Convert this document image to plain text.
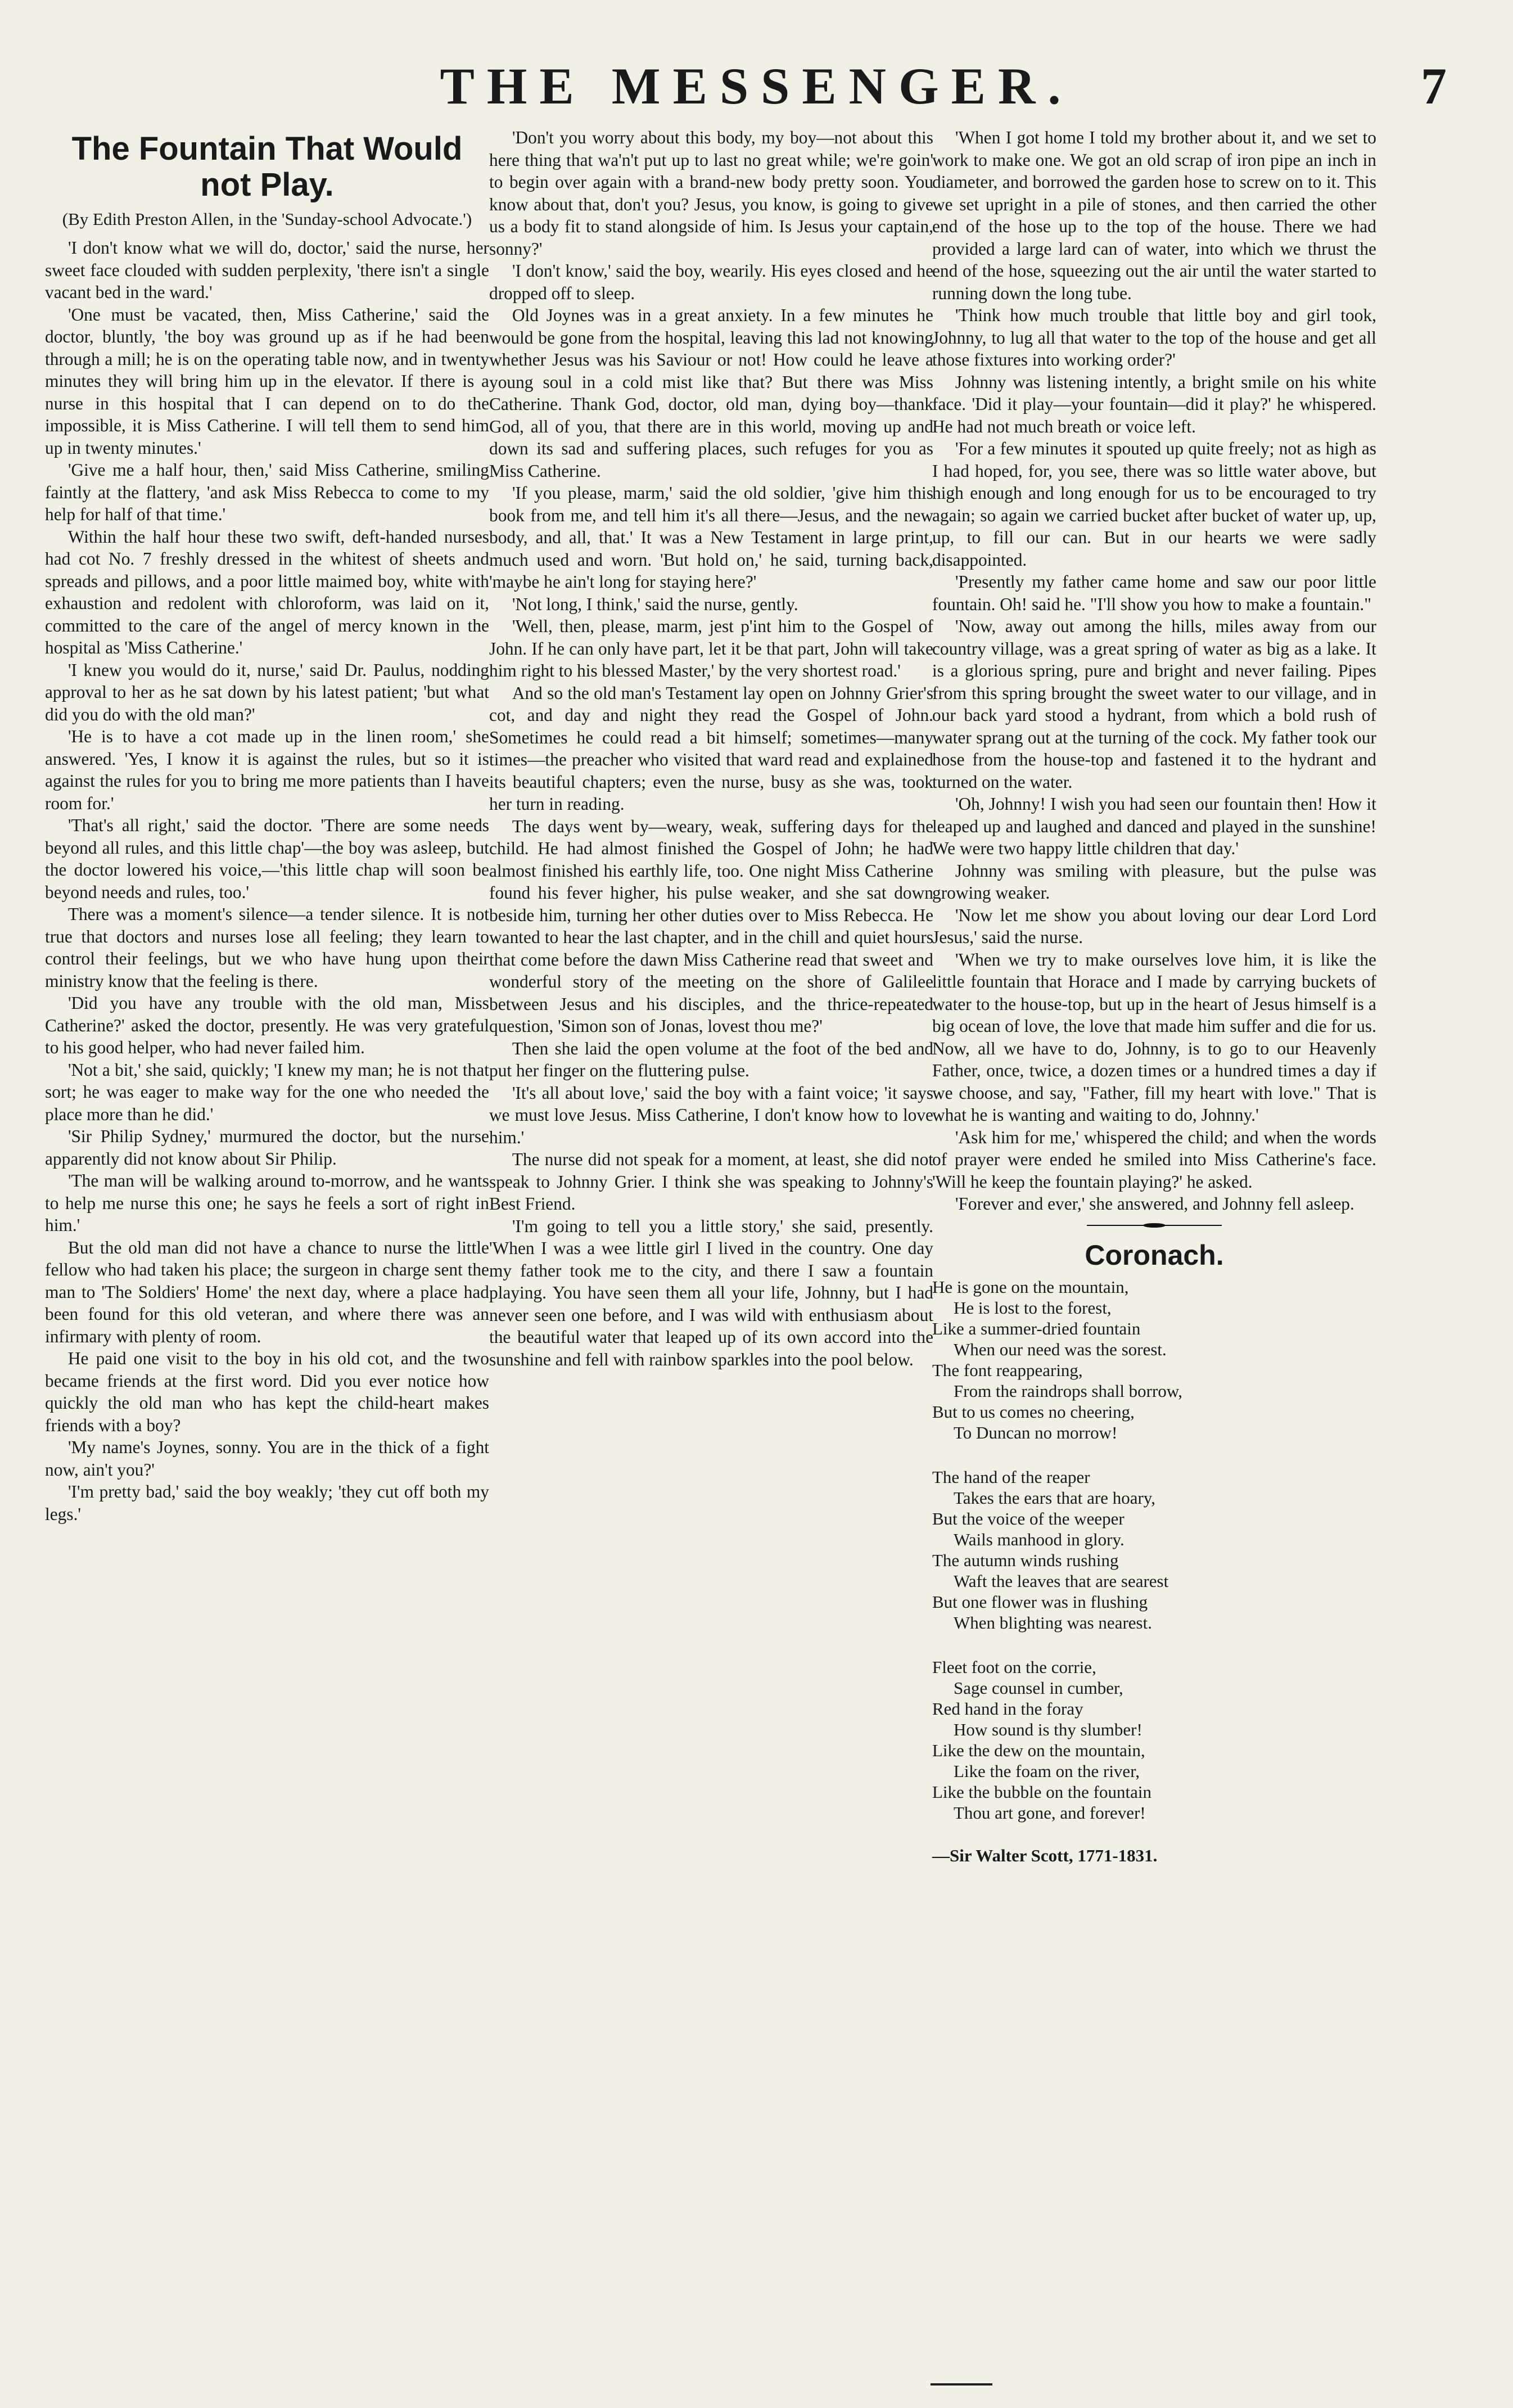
THE MESSENGER.	7
The Fountain That Would not Play.
(By Edith Preston Allen, in the 'Sunday-school Advocate.')

'I don't know what we will do, doctor,' said the nurse, her sweet face clouded with sudden perplexity, 'there isn't a single vacant bed in the ward.'

'One must be vacated, then, Miss Catherine,' said the doctor, bluntly, 'the boy was ground up as if he had been through a mill; he is on the operating table now, and in twenty minutes they will bring him up in the elevator. If there is a nurse in this hospital that I can depend on to do the impossible, it is Miss Catherine. I will tell them to send him up in twenty minutes.'

'Give me a half hour, then,' said Miss Catherine, smiling faintly at the flattery, 'and ask Miss Rebecca to come to my help for half of that time.'

Within the half hour these two swift, deft-handed nurses had cot No. 7 freshly dressed in the whitest of sheets and spreads and pillows, and a poor little maimed boy, white with exhaustion and redolent with chloroform, was laid on it, committed to the care of the angel of mercy known in the hospital as 'Miss Catherine.'

'I knew you would do it, nurse,' said Dr. Paulus, nodding approval to her as he sat down by his latest patient; 'but what did you do with the old man?'

'He is to have a cot made up in the linen room,' she answered. 'Yes, I know it is against the rules, but so it is against the rules for you to bring me more patients than I have room for.'

'That's all right,' said the doctor. 'There are some needs beyond all rules, and this little chap'—the boy was asleep, but the doctor lowered his voice,—'this little chap will soon be beyond needs and rules, too.'

There was a moment's silence—a tender silence. It is not true that doctors and nurses lose all feeling; they learn to control their feelings, but we who have hung upon their ministry know that the feeling is there.

'Did you have any trouble with the old man, Miss Catherine?' asked the doctor, presently. He was very grateful to his good helper, who had never failed him.

'Not a bit,' she said, quickly; 'I knew my man; he is not that sort; he was eager to make way for the one who needed the place more than he did.'

'Sir Philip Sydney,' murmured the doctor, but the nurse apparently did not know about Sir Philip.

'The man will be walking around to-morrow, and he wants to help me nurse this one; he says he feels a sort of right in him.'

But the old man did not have a chance to nurse the little fellow who had taken his place; the surgeon in charge sent the man to 'The Soldiers' Home' the next day, where a place had been found for this old veteran, and where there was an infirmary with plenty of room.

He paid one visit to the boy in his old cot, and the two became friends at the first word. Did you ever notice how quickly the old man who has kept the child-heart makes friends with a boy?

'My name's Joynes, sonny. You are in the thick of a fight now, ain't you?'

'I'm pretty bad,' said the boy weakly; 'they cut off both my legs.'

'Don't you worry about this body, my boy—not about this here thing that wa'n't put up to last no great while; we're goin' to begin over again with a brand-new body pretty soon. You know about that, don't you? Jesus, you know, is going to give us a body fit to stand alongside of him. Is Jesus your captain, sonny?'

'I don't know,' said the boy, wearily. His eyes closed and he dropped off to sleep.

Old Joynes was in a great anxiety. In a few minutes he would be gone from the hospital, leaving this lad not knowing whether Jesus was his Saviour or not! How could he leave a young soul in a cold mist like that? But there was Miss Catherine. Thank God, doctor, old man, dying boy—thank God, all of you, that there are in this world, moving up and down its sad and suffering places, such refuges for you as Miss Catherine.

'If you please, marm,' said the old soldier, 'give him this book from me, and tell him it's all there—Jesus, and the new body, and all, that.' It was a New Testament in large print, much used and worn. 'But hold on,' he said, turning back, 'maybe he ain't long for staying here?'

'Not long, I think,' said the nurse, gently.

'Well, then, please, marm, jest p'int him to the Gospel of John. If he can only have part, let it be that part, John will take him right to his blessed Master,' by the very shortest road.'

And so the old man's Testament lay open on Johnny Grier's cot, and day and night they read the Gospel of John. Sometimes he could read a bit himself; sometimes—many times—the preacher who visited that ward read and explained its beautiful chapters; even the nurse, busy as she was, took her turn in reading.

The days went by—weary, weak, suffering days for the child. He had almost finished the Gospel of John; he had almost finished his earthly life, too. One night Miss Catherine found his fever higher, his pulse weaker, and she sat down beside him, turning her other duties over to Miss Rebecca. He wanted to hear the last chapter, and in the chill and quiet hours that come before the dawn Miss Catherine read that sweet and wonderful story of the meeting on the shore of Galilee between Jesus and his disciples, and the thrice-repeated question, 'Simon son of Jonas, lovest thou me?'

Then she laid the open volume at the foot of the bed and put her finger on the fluttering pulse.

'It's all about love,' said the boy with a faint voice; 'it says we must love Jesus. Miss Catherine, I don't know how to love him.'

The nurse did not speak for a moment, at least, she did not speak to Johnny Grier. I think she was speaking to Johnny's Best Friend.

'I'm going to tell you a little story,' she said, presently. 'When I was a wee little girl I lived in the country. One day my father took me to the city, and there I saw a fountain playing. You have seen them all your life, Johnny, but I had never seen one before, and I was wild with enthusiasm about the beautiful water that leaped up of its own accord into the sunshine and fell with rainbow sparkles into the pool below.

'When I got home I told my brother about it, and we set to work to make one. We got an old scrap of iron pipe an inch in diameter, and borrowed the garden hose to screw on to it. This we set upright in a pile of stones, and then carried the other end of the hose up to the top of the house. There we had provided a large lard can of water, into which we thrust the end of the hose, squeezing out the air until the water started to running down the long tube.

'Think how much trouble that little boy and girl took, Johnny, to lug all that water to the top of the house and get all those fixtures into working order?'

Johnny was listening intently, a bright smile on his white face. 'Did it play—your fountain—did it play?' he whispered. He had not much breath or voice left.

'For a few minutes it spouted up quite freely; not as high as I had hoped, for, you see, there was so little water above, but high enough and long enough for us to be encouraged to try again; so again we carried bucket after bucket of water up, up, up, to fill our can. But in our hearts we were sadly disappointed.

'Presently my father came home and saw our poor little fountain. Oh! said he. "I'll show you how to make a fountain."

'Now, away out among the hills, miles away from our country village, was a great spring of water as big as a lake. It is a glorious spring, pure and bright and never failing. Pipes from this spring brought the sweet water to our village, and in our back yard stood a hydrant, from which a bold rush of water sprang out at the turning of the cock. My father took our hose from the house-top and fastened it to the hydrant and turned on the water.

'Oh, Johnny! I wish you had seen our fountain then! How it leaped up and laughed and danced and played in the sunshine! We were two happy little children that day.'

Johnny was smiling with pleasure, but the pulse was growing weaker.

'Now let me show you about loving our dear Lord Lord Jesus,' said the nurse.

'When we try to make ourselves love him, it is like the little fountain that Horace and I made by carrying buckets of water to the house-top, but up in the heart of Jesus himself is a big ocean of love, the love that made him suffer and die for us. Now, all we have to do, Johnny, is to go to our Heavenly Father, once, twice, a dozen times or a hundred times a day if we choose, and say, "Father, fill my heart with love." That is what he is wanting and waiting to do, Johnny.'

'Ask him for me,' whispered the child; and when the words of prayer were ended he smiled into Miss Catherine's face. 'Will he keep the fountain playing?' he asked.

'Forever and ever,' she answered, and Johnny fell asleep.

Coronach.
He is gone on the mountain,
He is lost to the forest,
Like a summer-dried fountain
When our need was the sorest.
The font reappearing,
From the raindrops shall borrow,
But to us comes no cheering,
To Duncan no morrow!
The hand of the reaper
Takes the ears that are hoary,
But the voice of the weeper
Wails manhood in glory.
The autumn winds rushing
Waft the leaves that are searest
But one flower was in flushing
When blighting was nearest.
Fleet foot on the corrie,
Sage counsel in cumber,
Red hand in the foray
How sound is thy slumber!
Like the dew on the mountain,
Like the foam on the river,
Like the bubble on the fountain
Thou art gone, and forever!
—Sir Walter Scott, 1771-1831.
